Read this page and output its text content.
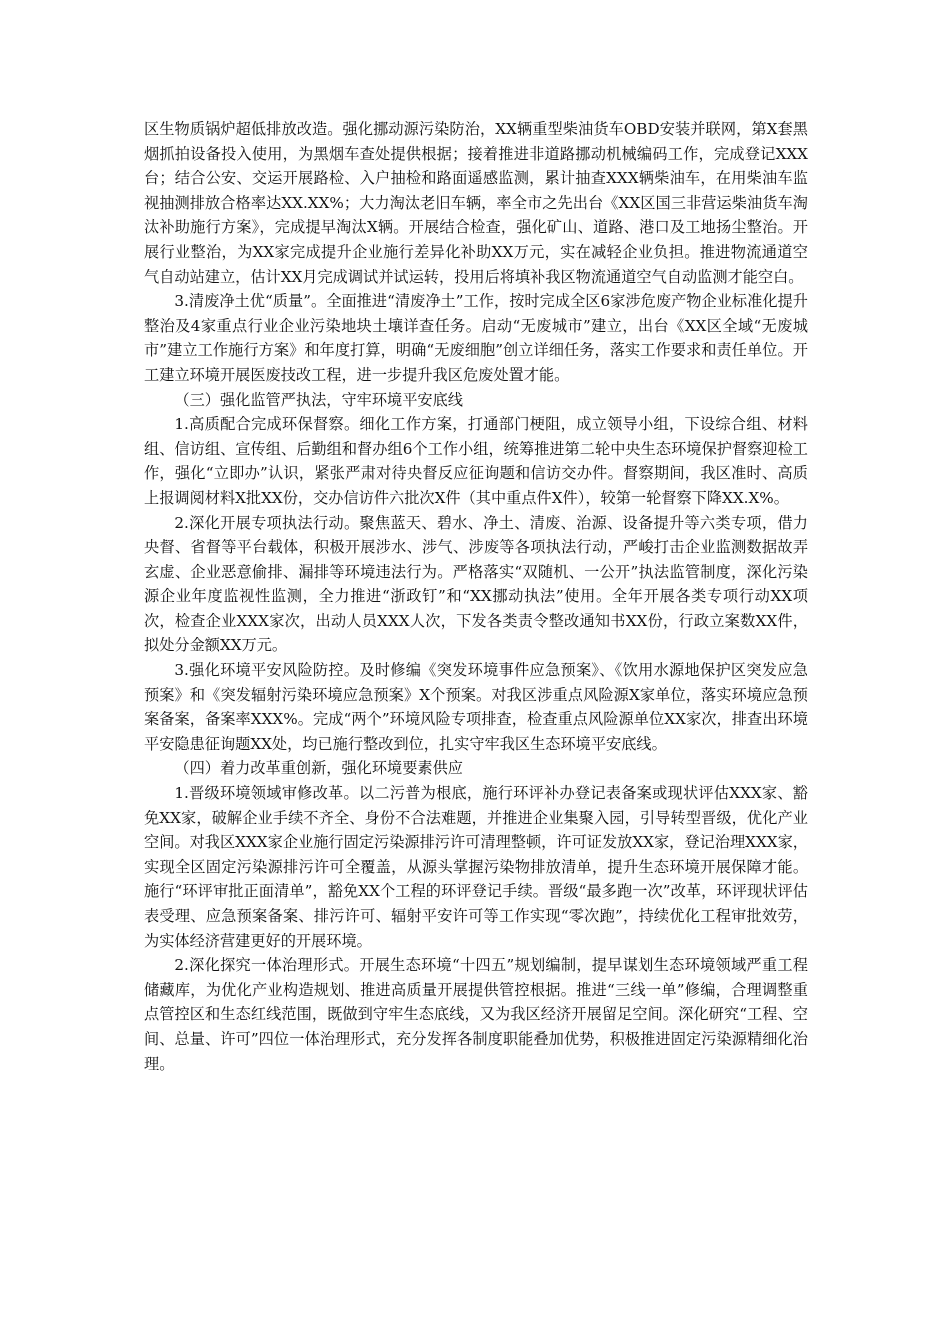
区生物质锅炉超低排放改造。强化挪动源污染防治，XX辆重型柴油货车OBD安装并联网，第X套黑烟抓拍设备投入使用，为黑烟车查处提供根据；接着推进非道路挪动机械编码工作，完成登记XXX台；结合公安、交运开展路检、入户抽检和路面遥感监测，累计抽查XXX辆柴油车，在用柴油车监视抽测排放合格率达XX.XX%；大力淘汰老旧车辆，率全市之先出台《XX区国三非营运柴油货车淘汰补助施行方案》，完成提早淘汰X辆。开展结合检查，强化矿山、道路、港口及工地扬尘整治。开展行业整治，为XX家完成提升企业施行差异化补助XX万元，实在减轻企业负担。推进物流通道空气自动站建立，估计XX月完成调试并试运转，投用后将填补我区物流通道空气自动监测才能空白。

3.清废净土优“质量”。全面推进“清废净土”工作，按时完成全区6家涉危废产物企业标准化提升整治及4家重点行业企业污染地块土壤详查任务。启动“无废城市”建立，出台《XX区全域“无废城市”建立工作施行方案》和年度打算，明确“无废细胞”创立详细任务，落实工作要求和责任单位。开工建立环境开展医废技改工程，进一步提升我区危废处置才能。

（三）强化监管严执法，守牢环境平安底线

1.高质配合完成环保督察。细化工作方案，打通部门梗阻，成立领导小组，下设综合组、材料组、信访组、宣传组、后勤组和督办组6个工作小组，统筹推进第二轮中央生态环境保护督察迎检工作，强化“立即办”认识，紧张严肃对待央督反应征询题和信访交办件。督察期间，我区准时、高质上报调阅材料X批XX份，交办信访件六批次X件（其中重点件X件），较第一轮督察下降XX.X%。

2.深化开展专项执法行动。聚焦蓝天、碧水、净土、清废、治源、设备提升等六类专项，借力央督、省督等平台载体，积极开展涉水、涉气、涉废等各项执法行动，严峻打击企业监测数据故弄玄虚、企业恶意偷排、漏排等环境违法行为。严格落实“双随机、一公开”执法监管制度，深化污染源企业年度监视性监测，全力推进“浙政钉”和“XX挪动执法”使用。全年开展各类专项行动XX项次，检查企业XXX家次，出动人员XXX人次，下发各类责令整改通知书XX份，行政立案数XX件，拟处分金额XX万元。

3.强化环境平安风险防控。及时修编《突发环境事件应急预案》、《饮用水源地保护区突发应急预案》和《突发辐射污染环境应急预案》X个预案。对我区涉重点风险源X家单位，落实环境应急预案备案，备案率XXX%。完成“两个”环境风险专项排查，检查重点风险源单位XX家次，排查出环境平安隐患征询题XX处，均已施行整改到位，扎实守牢我区生态环境平安底线。

（四）着力改革重创新，强化环境要素供应

1.晋级环境领域审修改革。以二污普为根底，施行环评补办登记表备案或现状评估XXX家、豁免XX家，破解企业手续不齐全、身份不合法难题，并推进企业集聚入园，引导转型晋级，优化产业空间。对我区XXX家企业施行固定污染源排污许可清理整顿，许可证发放XX家，登记治理XXX家，实现全区固定污染源排污许可全覆盖，从源头掌握污染物排放清单，提升生态环境开展保障才能。施行“环评审批正面清单”，豁免XX个工程的环评登记手续。晋级“最多跑一次”改革，环评现状评估表受理、应急预案备案、排污许可、辐射平安许可等工作实现“零次跑”，持续优化工程审批效劳，为实体经济营建更好的开展环境。

2.深化探究一体治理形式。开展生态环境“十四五”规划编制，提早谋划生态环境领域严重工程储藏库，为优化产业构造规划、推进高质量开展提供管控根据。推进“三线一单”修编，合理调整重点管控区和生态红线范围，既做到守牢生态底线，又为我区经济开展留足空间。深化研究“工程、空间、总量、许可”四位一体治理形式，充分发挥各制度职能叠加优势，积极推进固定污染源精细化治理。
